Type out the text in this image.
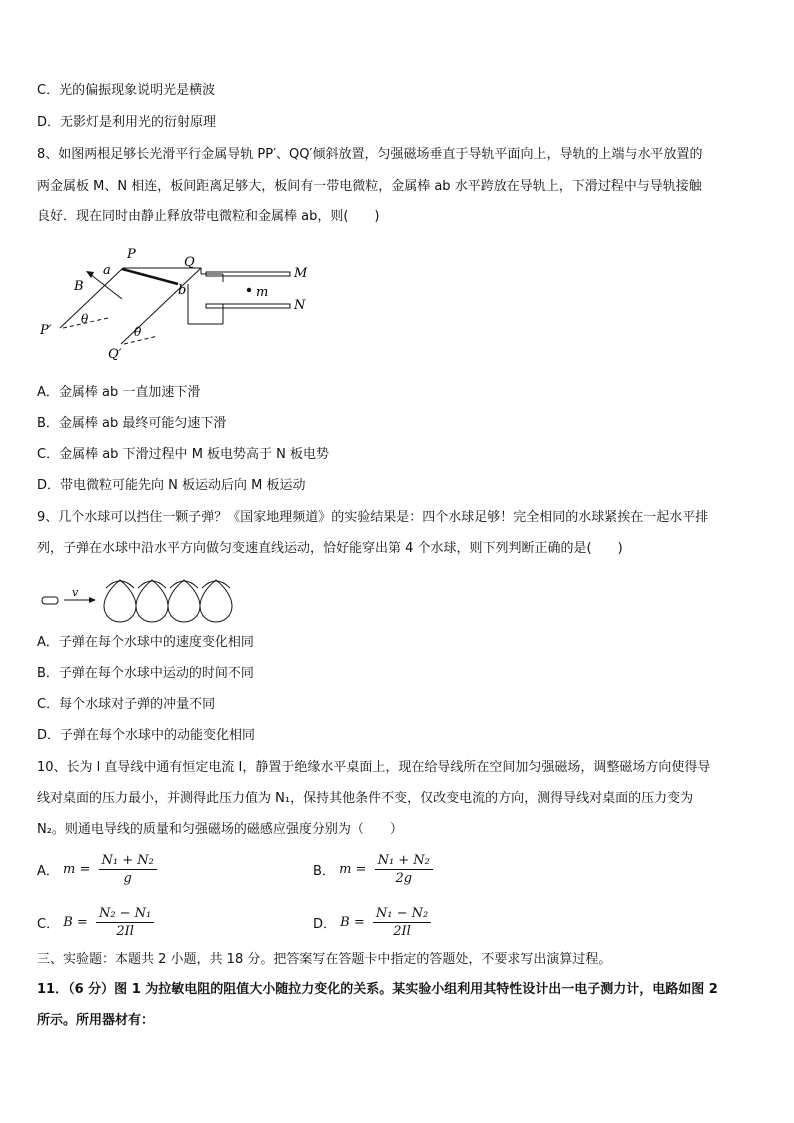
C．光的偏振现象说明光是横波
D．无影灯是利用光的衍射原理
8、如图两根足够长光滑平行金属导轨 PP′、QQ′倾斜放置，匀强磁场垂直于导轨平面向上，导轨的上端与水平放置的
两金属板 M、N 相连，板间距离足够大，板间有一带电微粒，金属棒 ab 水平跨放在导轨上，下滑过程中与导轨接触
良好．现在同时由静止释放带电微粒和金属棒 ab，则(　　)
P
Q
a
b
B
M
N
m
P′
Q′
θ
θ
A．金属棒 ab 一直加速下滑
B．金属棒 ab 最终可能匀速下滑
C．金属棒 ab 下滑过程中 M 板电势高于 N 板电势
D．带电微粒可能先向 N 板运动后向 M 板运动
9、几个水球可以挡住一颗子弹？《国家地理频道》的实验结果是：四个水球足够！完全相同的水球紧挨在一起水平排
列，子弹在水球中沿水平方向做匀变速直线运动，恰好能穿出第 4 个水球，则下列判断正确的是(　　)
v
A．子弹在每个水球中的速度变化相同
B．子弹在每个水球中运动的时间不同
C．每个水球对子弹的冲量不同
D．子弹在每个水球中的动能变化相同
10、长为 l 直导线中通有恒定电流 I，静置于绝缘水平桌面上，现在给导线所在空间加匀强磁场，调整磁场方向使得导
线对桌面的压力最小，并测得此压力值为 N₁，保持其他条件不变，仅改变电流的方向，测得导线对桌面的压力变为
N₂。则通电导线的质量和匀强磁场的磁感应强度分别为（　　）
A． $m = \frac{\text{N₁ + N₂}}{g}$	B． $m = \frac{\text{N₁ + N₂}}{2g}$
C． $B = \frac{\text{N₂ − N₁}}{2Il}$	D． $B = \frac{\text{N₁ − N₂}}{2Il}$
三、实验题：本题共 2 小题，共 18 分。把答案写在答题卡中指定的答题处，不要求写出演算过程。
11．（6 分）图 1 为拉敏电阻的阻值大小随拉力变化的关系。某实验小组利用其特性设计出一电子测力计，电路如图 2
所示。所用器材有：
